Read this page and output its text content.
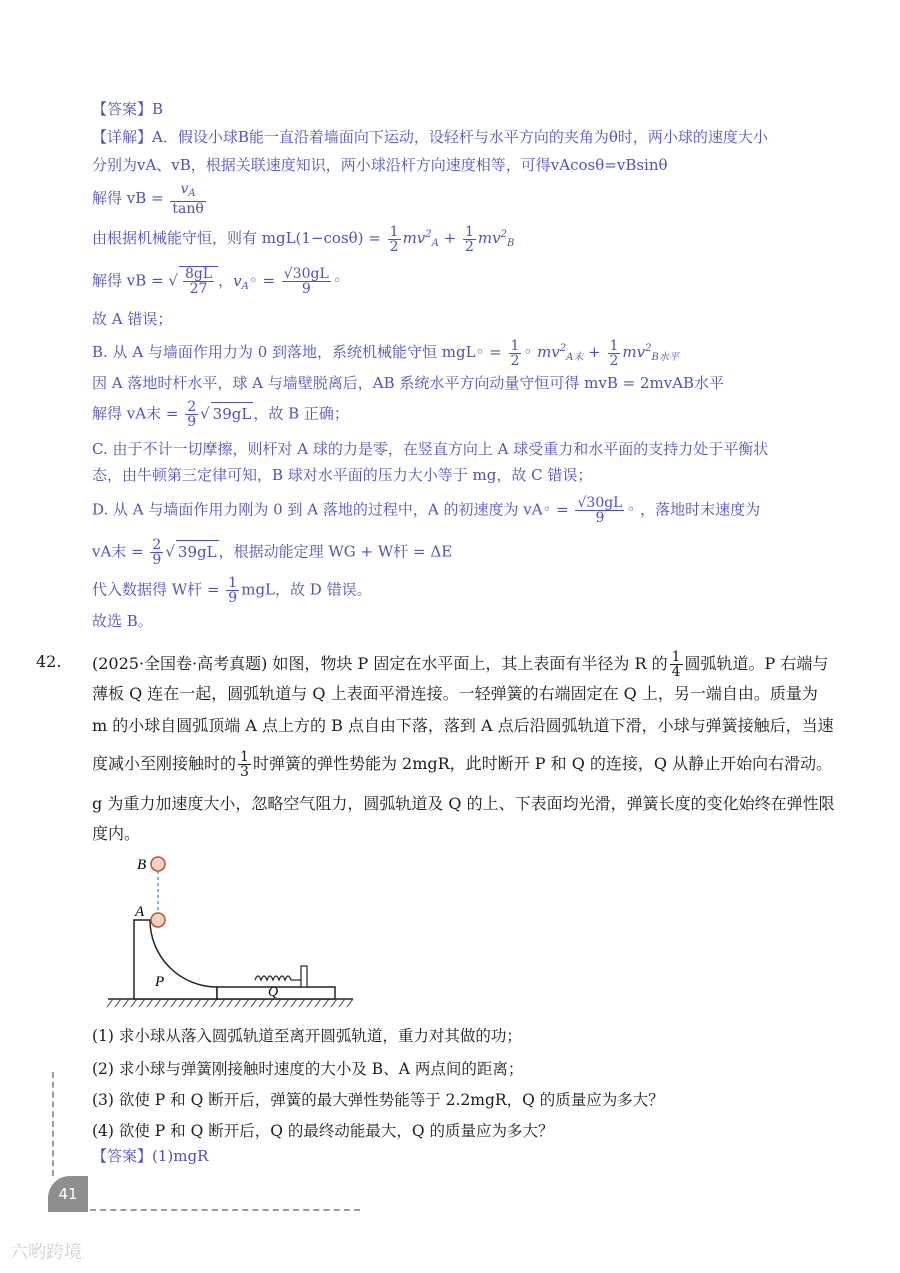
【答案】B
【详解】A．假设小球B能一直沿着墙面向下运动，设轻杆与水平方向的夹角为θ时，两小球的速度大小
分别为vA、vB，根据关联速度知识，两小球沿杆方向速度相等，可得vAcosθ=vBsinθ
解得 vB = $\frac{v_A}{\tan\theta}$
由根据机械能守恒，则有 $mgL(1-\cos\theta) = \frac{1}{2} mv^2_A + \frac{1}{2} mv^2_B$
解得 vB = √ $\frac{8gL}{27}$ ，$v_A◦ = \frac{√30gL}{9}$ ◦
故 A 错误；
B. 从 A 与墙面作用力为 0 到落地，系统机械能守恒 mgL◦ = $\frac{1}{2}$ ◦ $mv^2_{A末} + \frac{1}{2} mv^2_{B水平}$
因 A 落地时杆水平，球 A 与墙壁脱离后，AB 系统水平方向动量守恒可得 mvB = 2mvAB水平
解得 vA末 = $\frac{2}{9}$ √ 39gL ，故 B 正确；
C. 由于不计一切摩擦，则杆对 A 球的力是零，在竖直方向上 A 球受重力和水平面的支持力处于平衡状
态，由牛顿第三定律可知，B 球对水平面的压力大小等于 mg，故 C 错误；
D. 从 A 与墙面作用力刚为 0 到 A 落地的过程中，A 的初速度为 vA◦ = $\frac{√30gL}{9}$ ◦ ，落地时末速度为
vA末 = $\frac{2}{9}$ √ 39gL ，根据动能定理 WG + W杆 = ΔE
代入数据得 W杆 = $\frac{1}{9}$ mgL，故 D 错误。
故选 B。
42. (2025·全国卷·高考真题) 如图，物块 P 固定在水平面上，其上表面有半径为 R 的 $\frac{1}{4}$ 圆弧轨道。P 右端与
薄板 Q 连在一起，圆弧轨道与 Q 上表面平滑连接。一轻弹簧的右端固定在 Q 上，另一端自由。质量为
m 的小球自圆弧顶端 A 点上方的 B 点自由下落，落到 A 点后沿圆弧轨道下滑，小球与弹簧接触后，当速
度减小至刚接触时的 $\frac{1}{3}$ 时弹簧的弹性势能为 2mgR，此时断开 P 和 Q 的连接，Q 从静止开始向右滑动。
g 为重力加速度大小，忽略空气阻力，圆弧轨道及 Q 的上、下表面均光滑，弹簧长度的变化始终在弹性限
度内。
B
A
P
Q
(1) 求小球从落入圆弧轨道至离开圆弧轨道，重力对其做的功；
(2) 求小球与弹簧刚接触时速度的大小及 B、A 两点间的距离；
(3) 欲使 P 和 Q 断开后，弹簧的最大弹性势能等于 2.2mgR，Q 的质量应为多大？
(4) 欲使 P 和 Q 断开后，Q 的最终动能最大，Q 的质量应为多大？
【答案】(1)mgR
41
六哟跨境
